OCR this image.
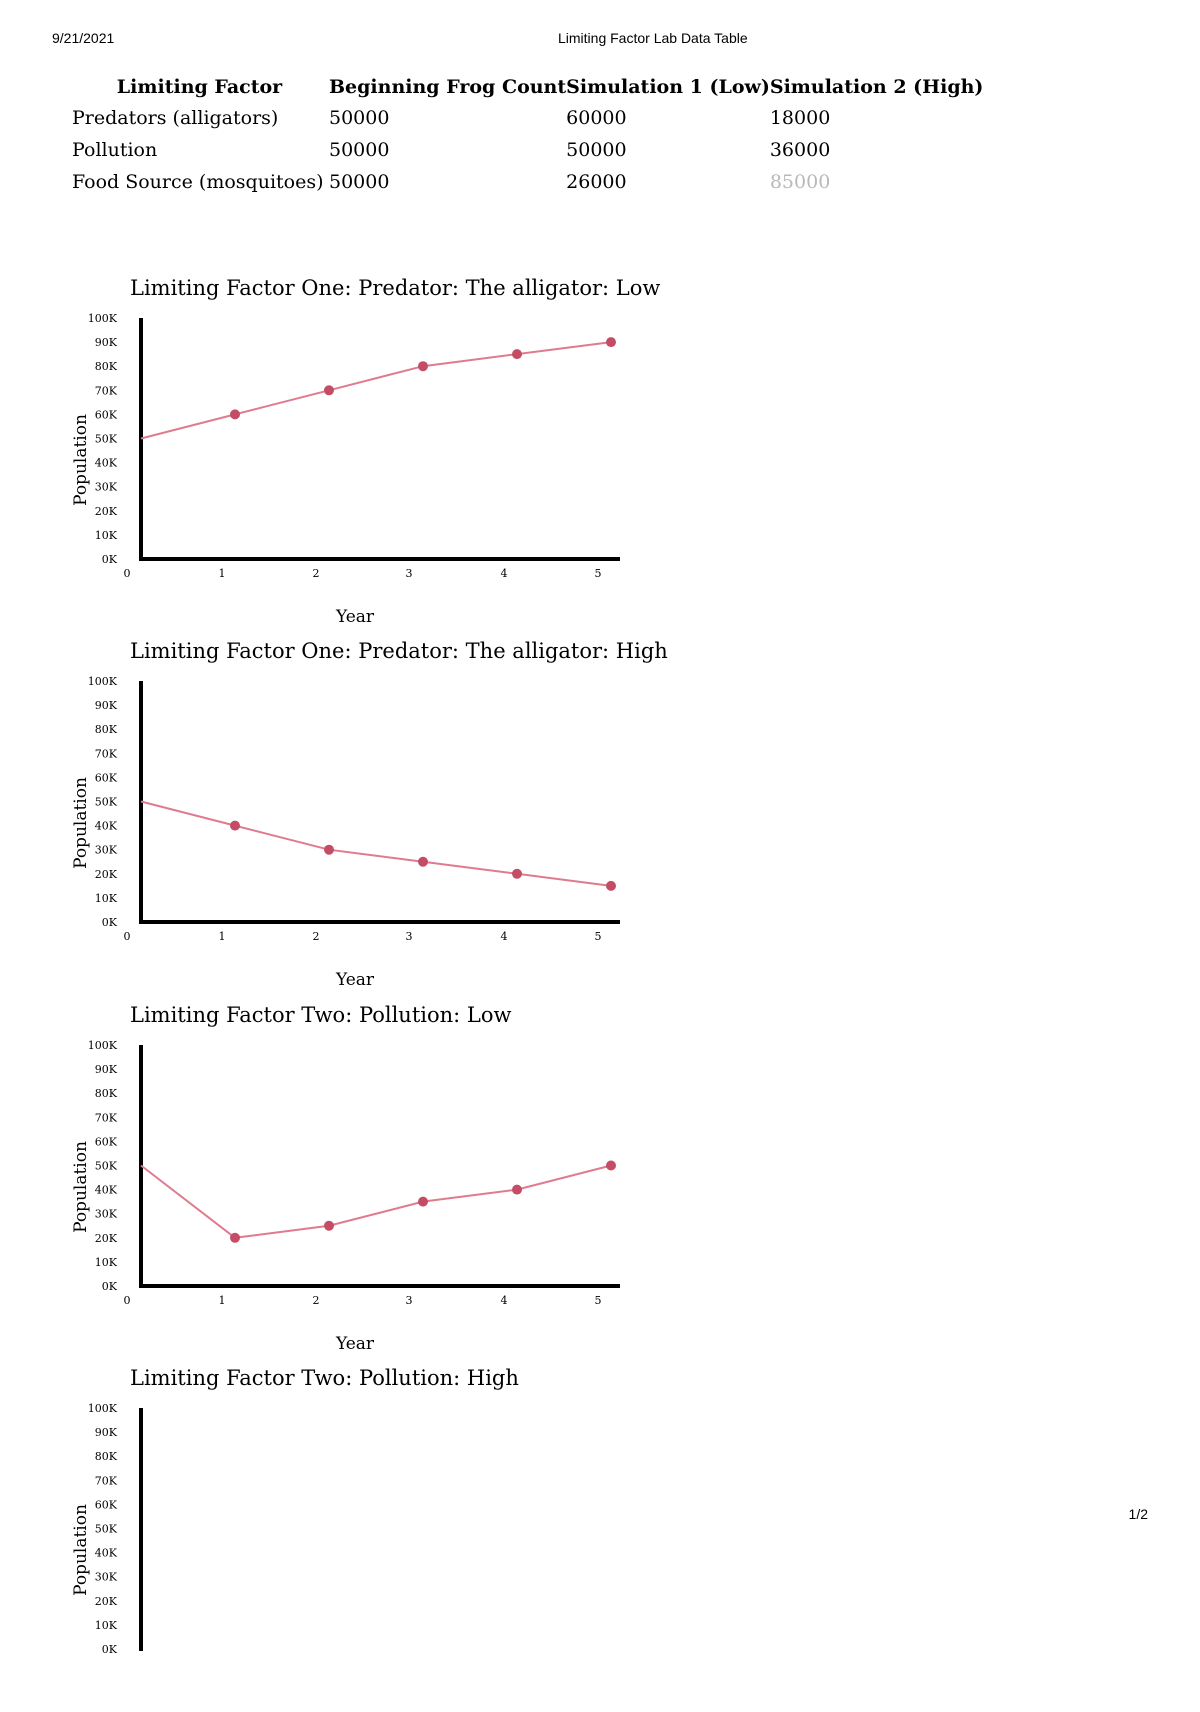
9/21/2021	Limiting Factor Lab Data Table
Limiting Factor	Beginning Frog Count	Simulation 1 (Low)	Simulation 2 (High)
Predators (alligators)	50000	60000	18000
Pollution	50000	50000	36000
Food Source (mosquitoes)	50000	26000	85000
Limiting Factor One: Predator: The alligator: Low
0K
10K
20K
30K
40K
50K
60K
70K
80K
90K
100K
Population
0	1	2	3	4	5
Year
Limiting Factor One: Predator: The alligator: High
0K
10K
20K
30K
40K
50K
60K
70K
80K
90K
100K
Population
0	1	2	3	4	5
Year
Limiting Factor Two: Pollution: Low
0K
10K
20K
30K
40K
50K
60K
70K
80K
90K
100K
Population
0	1	2	3	4	5
Year
Limiting Factor Two: Pollution: High
0K
10K
20K
30K
40K
50K
60K
70K
80K
90K
100K
Population	1/2
